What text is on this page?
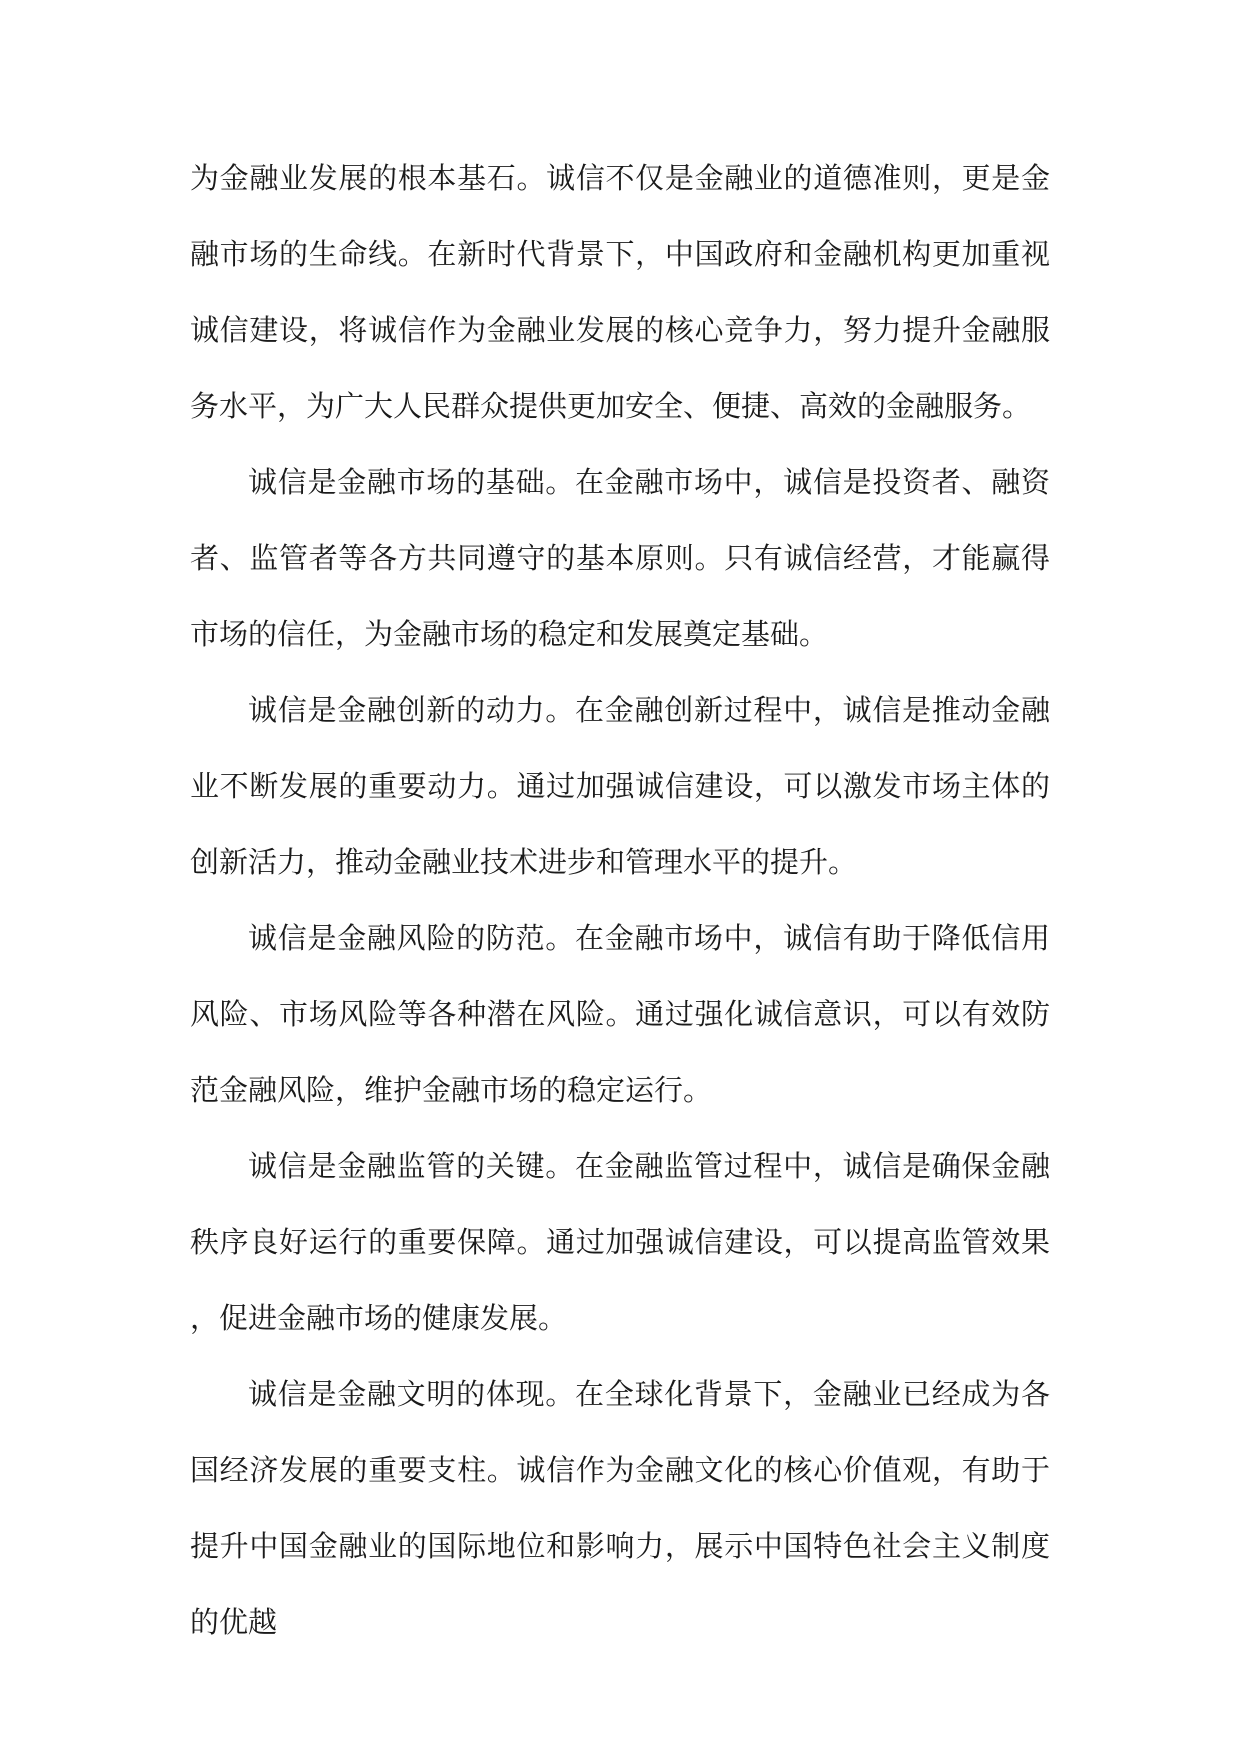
为金融业发展的根本基石。诚信不仅是金融业的道德准则，更是金融市场的生命线。在新时代背景下，中国政府和金融机构更加重视诚信建设，将诚信作为金融业发展的核心竞争力，努力提升金融服务水平，为广大人民群众提供更加安全、便捷、高效的金融服务。

诚信是金融市场的基础。在金融市场中，诚信是投资者、融资者、监管者等各方共同遵守的基本原则。只有诚信经营，才能赢得市场的信任，为金融市场的稳定和发展奠定基础。

诚信是金融创新的动力。在金融创新过程中，诚信是推动金融业不断发展的重要动力。通过加强诚信建设，可以激发市场主体的创新活力，推动金融业技术进步和管理水平的提升。

诚信是金融风险的防范。在金融市场中，诚信有助于降低信用风险、市场风险等各种潜在风险。通过强化诚信意识，可以有效防范金融风险，维护金融市场的稳定运行。

诚信是金融监管的关键。在金融监管过程中，诚信是确保金融秩序良好运行的重要保障。通过加强诚信建设，可以提高监管效果，促进金融市场的健康发展。

诚信是金融文明的体现。在全球化背景下，金融业已经成为各国经济发展的重要支柱。诚信作为金融文化的核心价值观，有助于提升中国金融业的国际地位和影响力，展示中国特色社会主义制度的优越
